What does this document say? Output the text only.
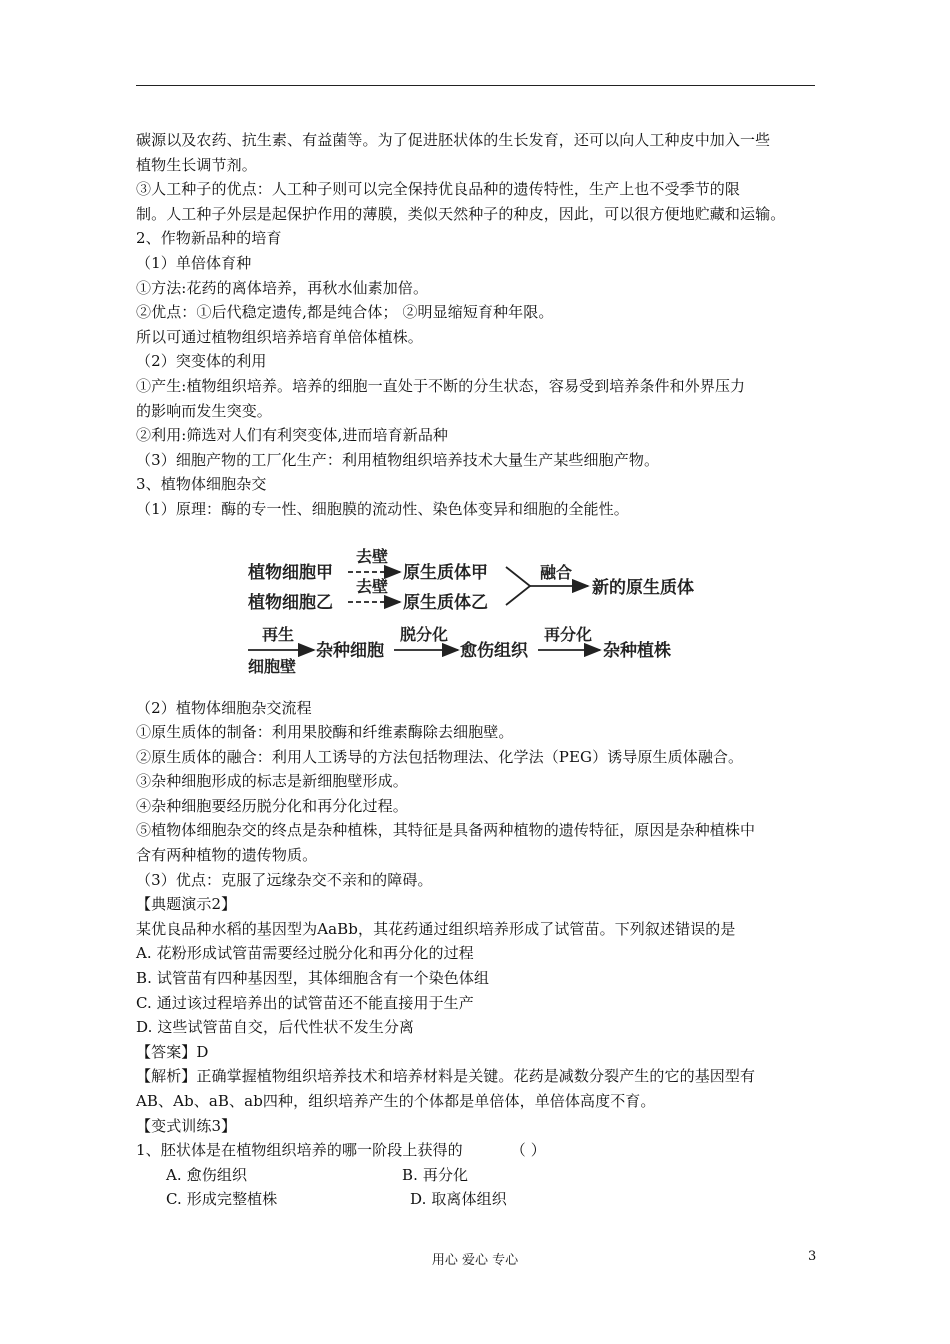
碳源以及农药、抗生素、有益菌等。为了促进胚状体的生长发育，还可以向人工种皮中加入一些
植物生长调节剂。
③人工种子的优点：人工种子则可以完全保持优良品种的遗传特性，生产上也不受季节的限
制。人工种子外层是起保护作用的薄膜，类似天然种子的种皮，因此，可以很方便地贮藏和运输。
2、作物新品种的培育
（1）单倍体育种
①方法:花药的离体培养，再秋水仙素加倍。
②优点：①后代稳定遗传,都是纯合体； ②明显缩短育种年限。
所以可通过植物组织培养培育单倍体植株。
（2）突变体的利用
①产生:植物组织培养。培养的细胞一直处于不断的分生状态，容易受到培养条件和外界压力
的影响而发生突变。
②利用:筛选对人们有利突变体,进而培育新品种
（3）细胞产物的工厂化生产：利用植物组织培养技术大量生产某些细胞产物。
3、植物体细胞杂交
（1）原理：酶的专一性、细胞膜的流动性、染色体变异和细胞的全能性。
植物细胞甲
去壁
原生质体甲
植物细胞乙
去壁
原生质体乙
融合
新的原生质体
再生
细胞壁
杂种细胞
脱分化
愈伤组织
再分化
杂种植株
（2）植物体细胞杂交流程
①原生质体的制备：利用果胶酶和纤维素酶除去细胞壁。
②原生质体的融合：利用人工诱导的方法包括物理法、化学法（PEG）诱导原生质体融合。
③杂种细胞形成的标志是新细胞壁形成。
④杂种细胞要经历脱分化和再分化过程。
⑤植物体细胞杂交的终点是杂种植株，其特征是具备两种植物的遗传特征，原因是杂种植株中
含有两种植物的遗传物质。
（3）优点：克服了远缘杂交不亲和的障碍。
【典题演示2】
某优良品种水稻的基因型为AaBb，其花药通过组织培养形成了试管苗。下列叙述错误的是
A. 花粉形成试管苗需要经过脱分化和再分化的过程
B. 试管苗有四种基因型，其体细胞含有一个染色体组
C. 通过该过程培养出的试管苗还不能直接用于生产
D. 这些试管苗自交，后代性状不发生分离
【答案】D
【解析】正确掌握植物组织培养技术和培养材料是关键。花药是减数分裂产生的它的基因型有
AB、Ab、aB、ab四种，组织培养产生的个体都是单倍体，单倍体高度不育。
【变式训练3】
1、胚状体是在植物组织培养的哪一阶段上获得的	（ ）
A. 愈伤组织	B. 再分化
C. 形成完整植株	D. 取离体组织
用心 爱心 专心	3
